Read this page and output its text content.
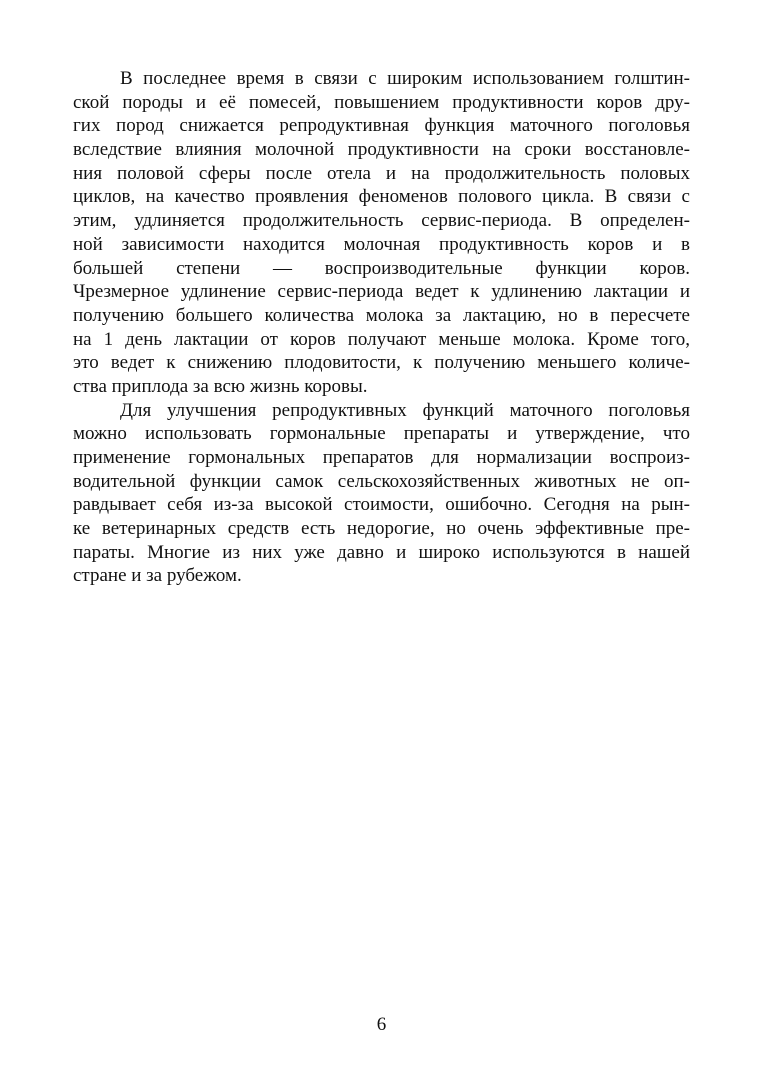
В последнее время в связи с широким использованием голштин-
ской породы и её помесей, повышением продуктивности коров дру-
гих пород снижается репродуктивная функция маточного поголовья
вследствие влияния молочной продуктивности на сроки восстановле-
ния половой сферы после отела и на продолжительность половых
циклов, на качество проявления феноменов полового цикла. В связи с
этим, удлиняется продолжительность сервис-периода. В определен-
ной зависимости находится молочная продуктивность коров и в
большей степени — воспроизводительные функции коров.
Чрезмерное удлинение сервис-периода ведет к удлинению лактации и
получению большего количества молока за лактацию, но в пересчете
на 1 день лактации от коров получают меньше молока. Кроме того,
это ведет к снижению плодовитости, к получению меньшего количе-
ства приплода за всю жизнь коровы.
Для улучшения репродуктивных функций маточного поголовья
можно использовать гормональные препараты и утверждение, что
применение гормональных препаратов для нормализации воспроиз-
водительной функции самок сельскохозяйственных животных не оп-
равдывает себя из-за высокой стоимости, ошибочно. Сегодня на рын-
ке ветеринарных средств есть недорогие, но очень эффективные пре-
параты. Многие из них уже давно и широко используются в нашей
стране и за рубежом.
6
